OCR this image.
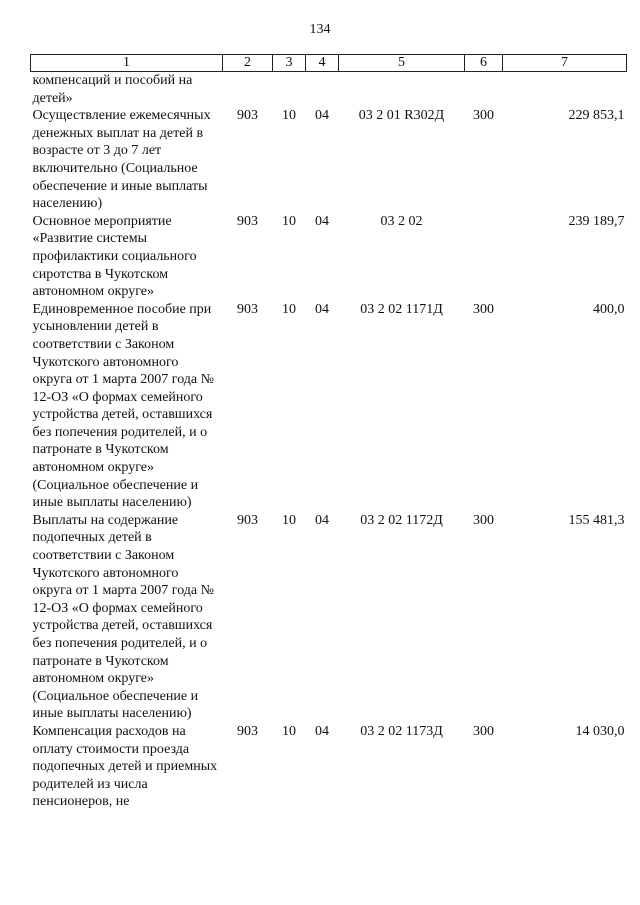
134
1	2	3	4	5	6	7
компенсаций и пособий на детей»						
Осуществление ежемесячных денежных выплат на детей в возрасте от 3 до 7 лет включительно (Социальное обеспечение и иные выплаты населению)	903	10	04	03 2 01 R302Д	300	229 853,1
Основное мероприятие «Развитие системы профилактики социального сиротства в Чукотском автономном округе»	903	10	04	03 2 02		239 189,7
Единовременное пособие при усыновлении детей в соответствии с Законом Чукотского автономного округа от 1 марта 2007 года № 12-ОЗ «О формах семейного устройства детей, оставшихся без попечения родителей, и о патронате в Чукотском автономном округе» (Социальное обеспечение и иные выплаты населению)	903	10	04	03 2 02 1171Д	300	400,0
Выплаты на содержание подопечных детей в соответствии с Законом Чукотского автономного округа от 1 марта 2007 года № 12-ОЗ «О формах семейного устройства детей, оставшихся без попечения родителей, и о патронате в Чукотском автономном округе» (Социальное обеспечение и иные выплаты населению)	903	10	04	03 2 02 1172Д	300	155 481,3
Компенсация расходов на оплату стоимости проезда подопечных детей и приемных родителей из числа пенсионеров, не	903	10	04	03 2 02 1173Д	300	14 030,0
